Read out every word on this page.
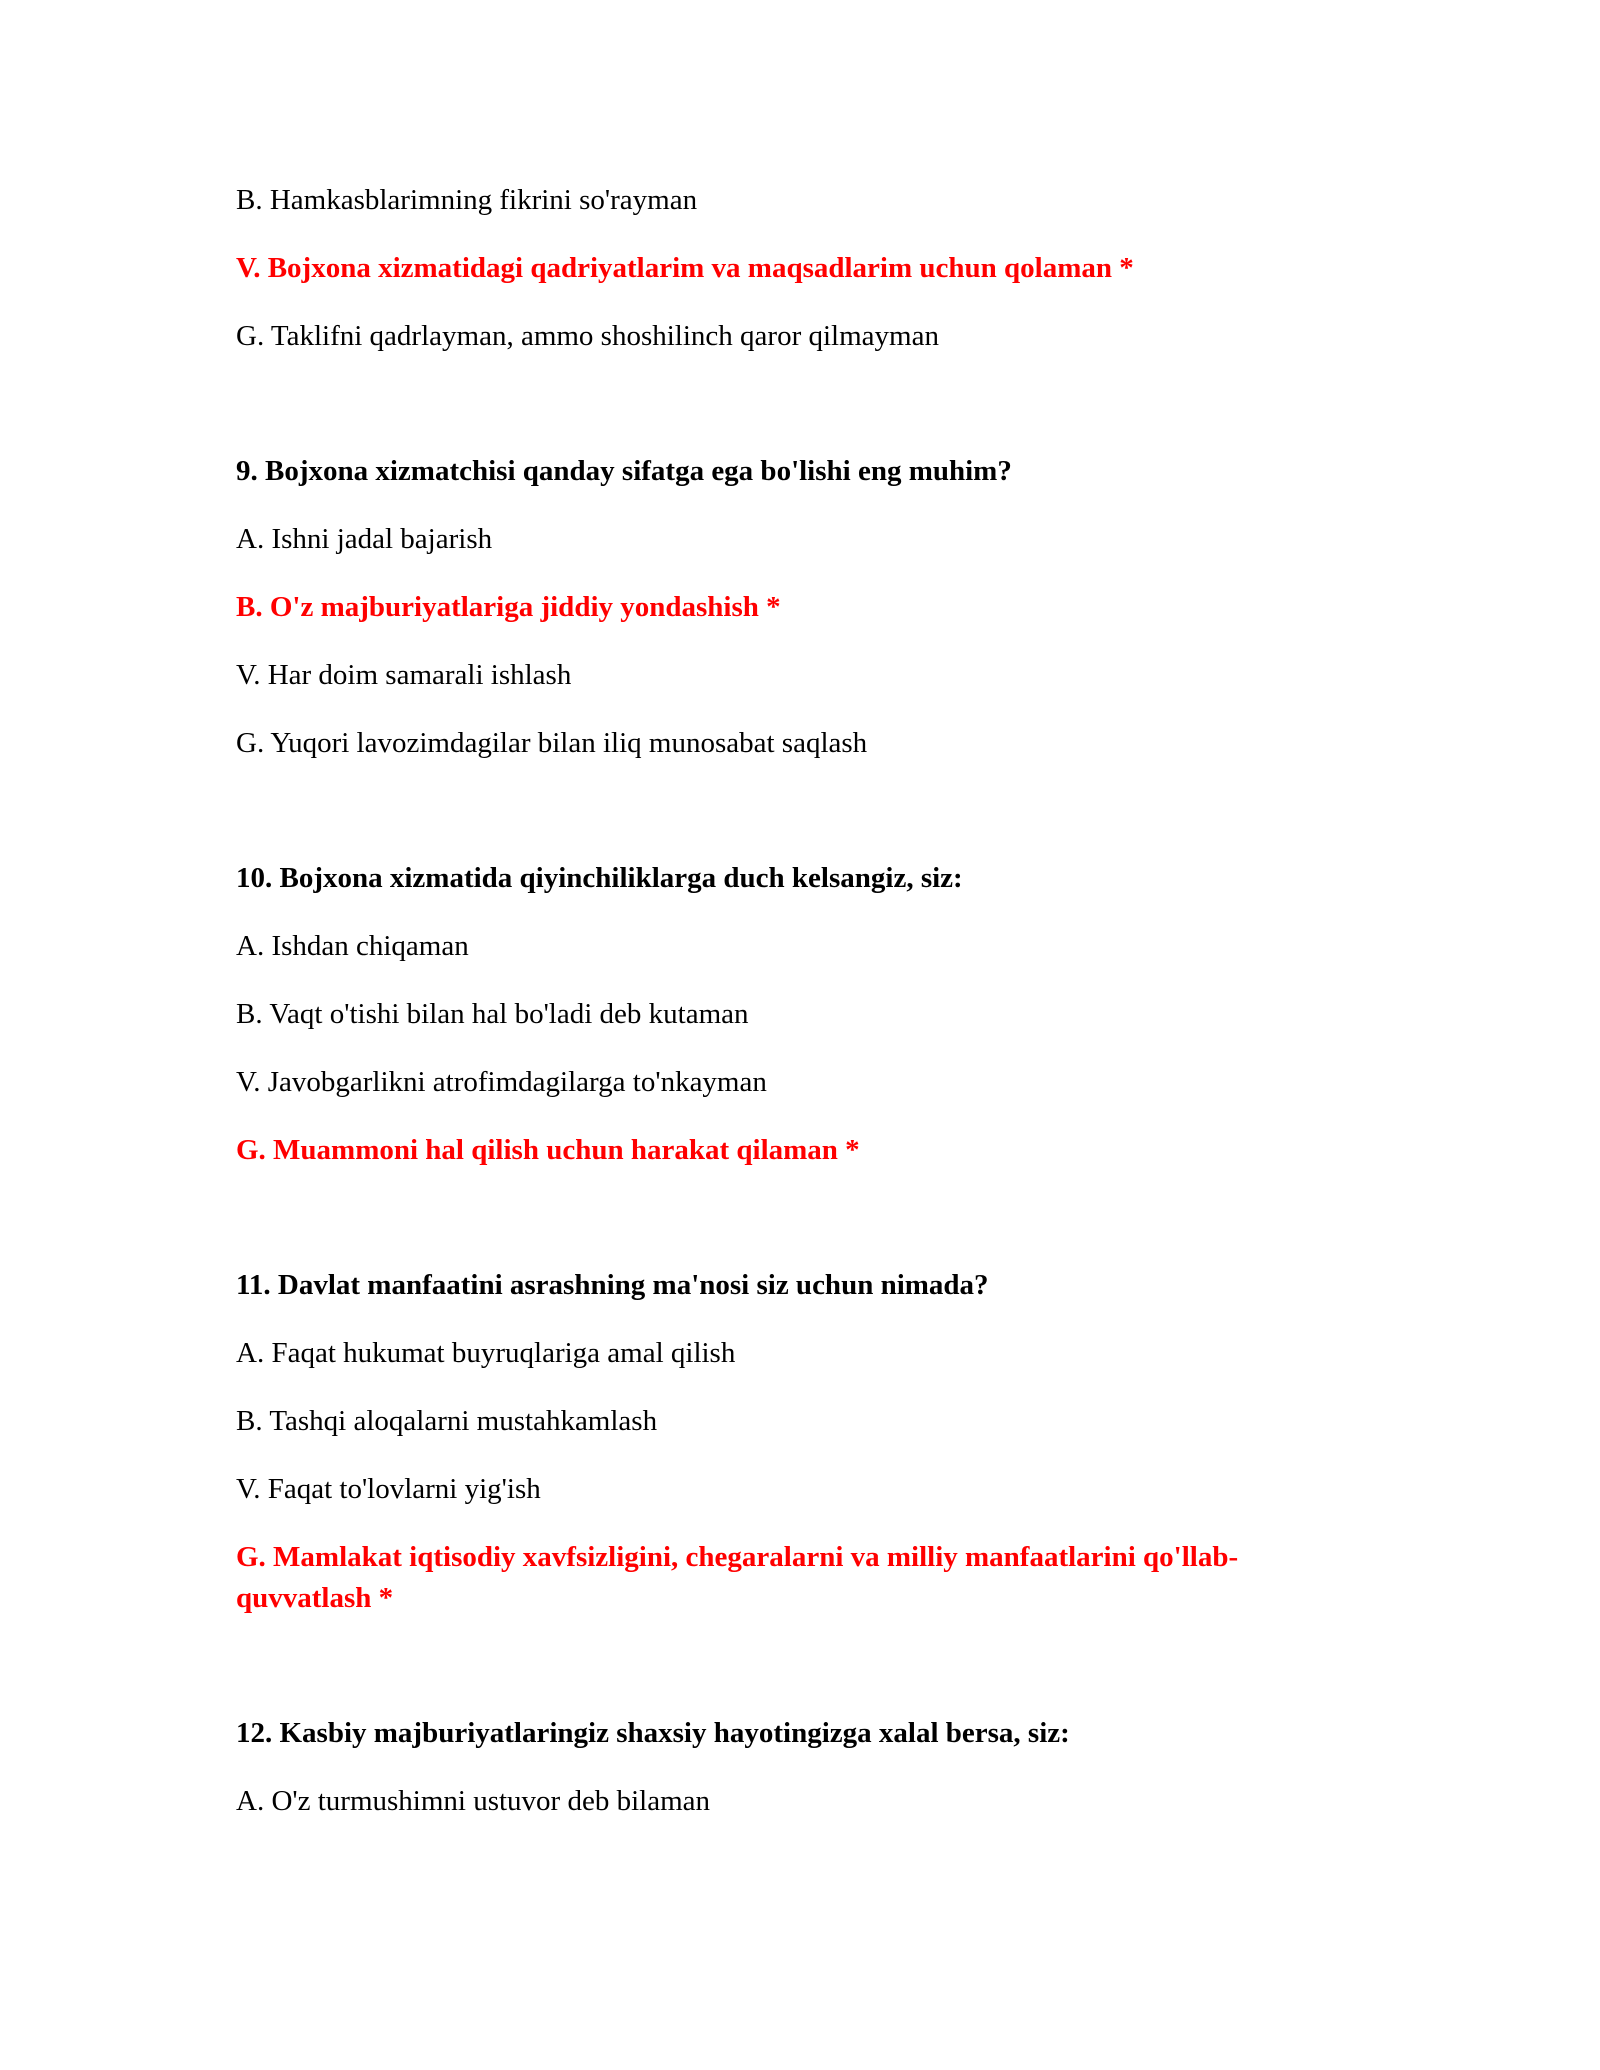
B. Hamkasblarimning fikrini so'rayman

V. Bojxona xizmatidagi qadriyatlarim va maqsadlarim uchun qolaman *

G. Taklifni qadrlayman, ammo shoshilinch qaror qilmayman

9. Bojxona xizmatchisi qanday sifatga ega bo'lishi eng muhim?

A. Ishni jadal bajarish

B. O'z majburiyatlariga jiddiy yondashish *

V. Har doim samarali ishlash

G. Yuqori lavozimdagilar bilan iliq munosabat saqlash

10. Bojxona xizmatida qiyinchiliklarga duch kelsangiz, siz:

A. Ishdan chiqaman

B. Vaqt o'tishi bilan hal bo'ladi deb kutaman

V. Javobgarlikni atrofimdagilarga to'nkayman

G. Muammoni hal qilish uchun harakat qilaman *

11. Davlat manfaatini asrashning ma'nosi siz uchun nimada?

A. Faqat hukumat buyruqlariga amal qilish

B. Tashqi aloqalarni mustahkamlash

V. Faqat to'lovlarni yig'ish

G. Mamlakat iqtisodiy xavfsizligini, chegaralarni va milliy manfaatlarini qo'llab-quvvatlash *

12. Kasbiy majburiyatlaringiz shaxsiy hayotingizga xalal bersa, siz:

A. O'z turmushimni ustuvor deb bilaman
